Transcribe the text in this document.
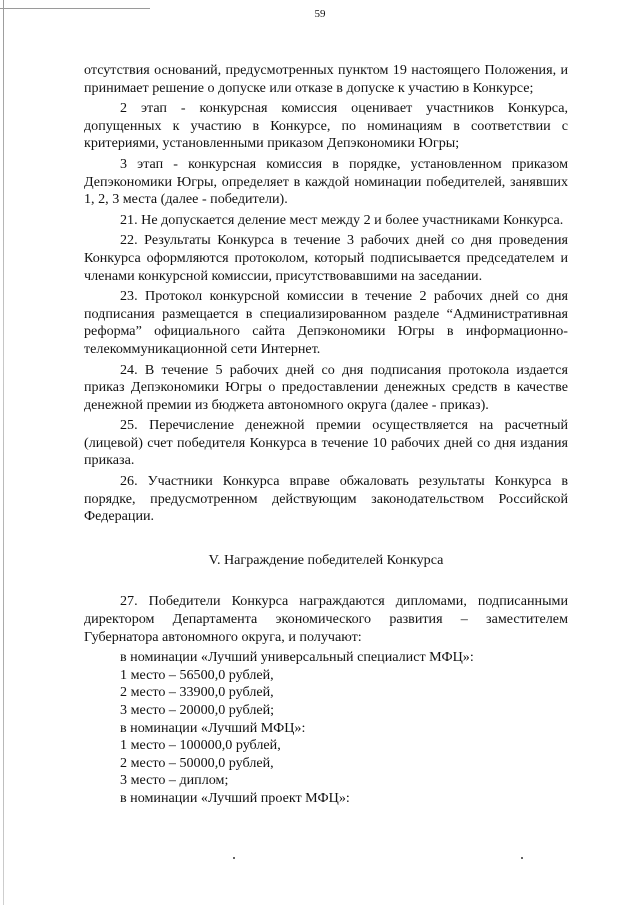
59

отсутствия оснований, предусмотренных пунктом 19 настоящего Положения, и принимает решение о допуске или отказе в допуске к участию в Конкурсе;

2 этап - конкурсная комиссия оценивает участников Конкурса, допущенных к участию в Конкурсе, по номинациям в соответствии с критериями, установленными приказом Депэкономики Югры;

3 этап - конкурсная комиссия в порядке, установленном приказом Депэкономики Югры, определяет в каждой номинации победителей, занявших 1, 2, 3 места (далее - победители).

21. Не допускается деление мест между 2 и более участниками Конкурса.

22. Результаты Конкурса в течение 3 рабочих дней со дня проведения Конкурса оформляются протоколом, который подписывается председателем и членами конкурсной комиссии, присутствовавшими на заседании.

23. Протокол конкурсной комиссии в течение 2 рабочих дней со дня подписания размещается в специализированном разделе “Административная реформа” официального сайта Депэкономики Югры в информационно-телекоммуникационной сети Интернет.

24. В течение 5 рабочих дней со дня подписания протокола издается приказ Депэкономики Югры о предоставлении денежных средств в качестве денежной премии из бюджета автономного округа (далее - приказ).

25. Перечисление денежной премии осуществляется на расчетный (лицевой) счет победителя Конкурса в течение 10 рабочих дней со дня издания приказа.

26. Участники Конкурса вправе обжаловать результаты Конкурса в порядке, предусмотренном действующим законодательством Российской Федерации.

V. Награждение победителей Конкурса

27. Победители Конкурса награждаются дипломами, подписанными директором Департамента экономического развития – заместителем Губернатора автономного округа, и получают:

в номинации «Лучший универсальный специалист МФЦ»:
1 место – 56500,0 рублей,
2 место – 33900,0 рублей,
3 место – 20000,0 рублей;
в номинации «Лучший МФЦ»:
1 место – 100000,0 рублей,
2 место – 50000,0 рублей,
3 место – диплом;
в номинации «Лучший проект МФЦ»:
